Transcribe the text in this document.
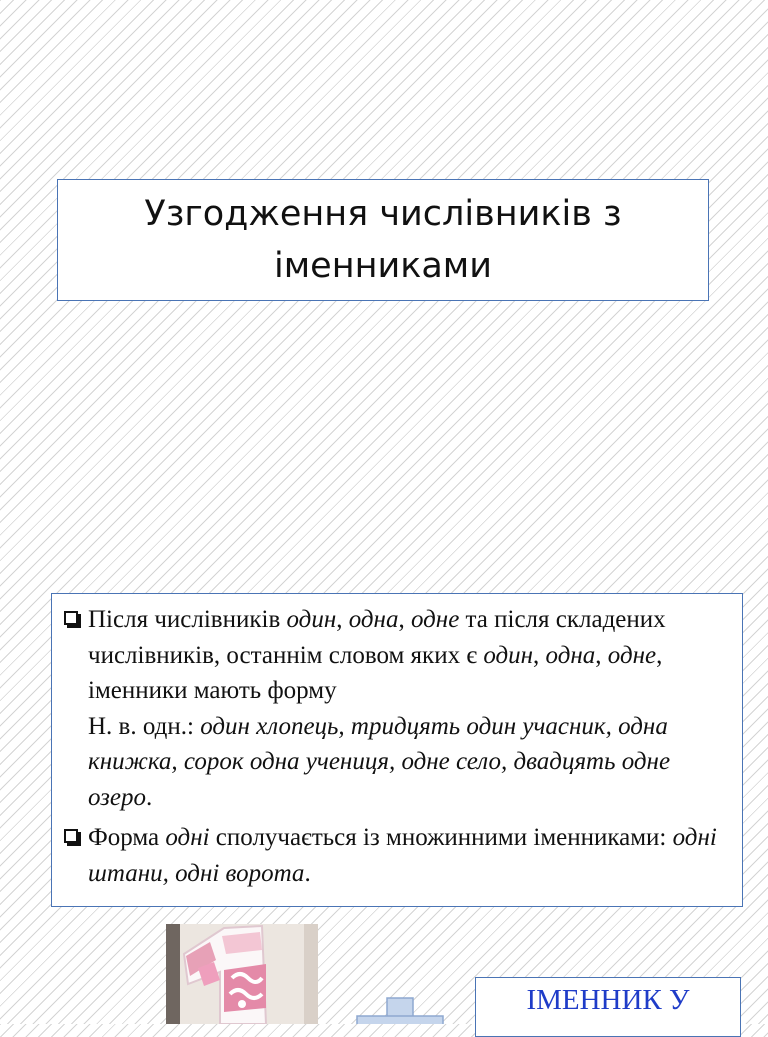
Узгодження числівників з
іменниками

Після числівників один, одна, одне та після складених числівників, останнім словом яких є один, одна, одне, іменники мають форму
Н. в. одн.: один хлопець, тридцять один учасник, одна книжка, сорок одна учениця, одне село, двадцять одне озеро.

Форма одні сполучається із множинними іменниками: одні штани, одні ворота.

ІМЕННИК У
